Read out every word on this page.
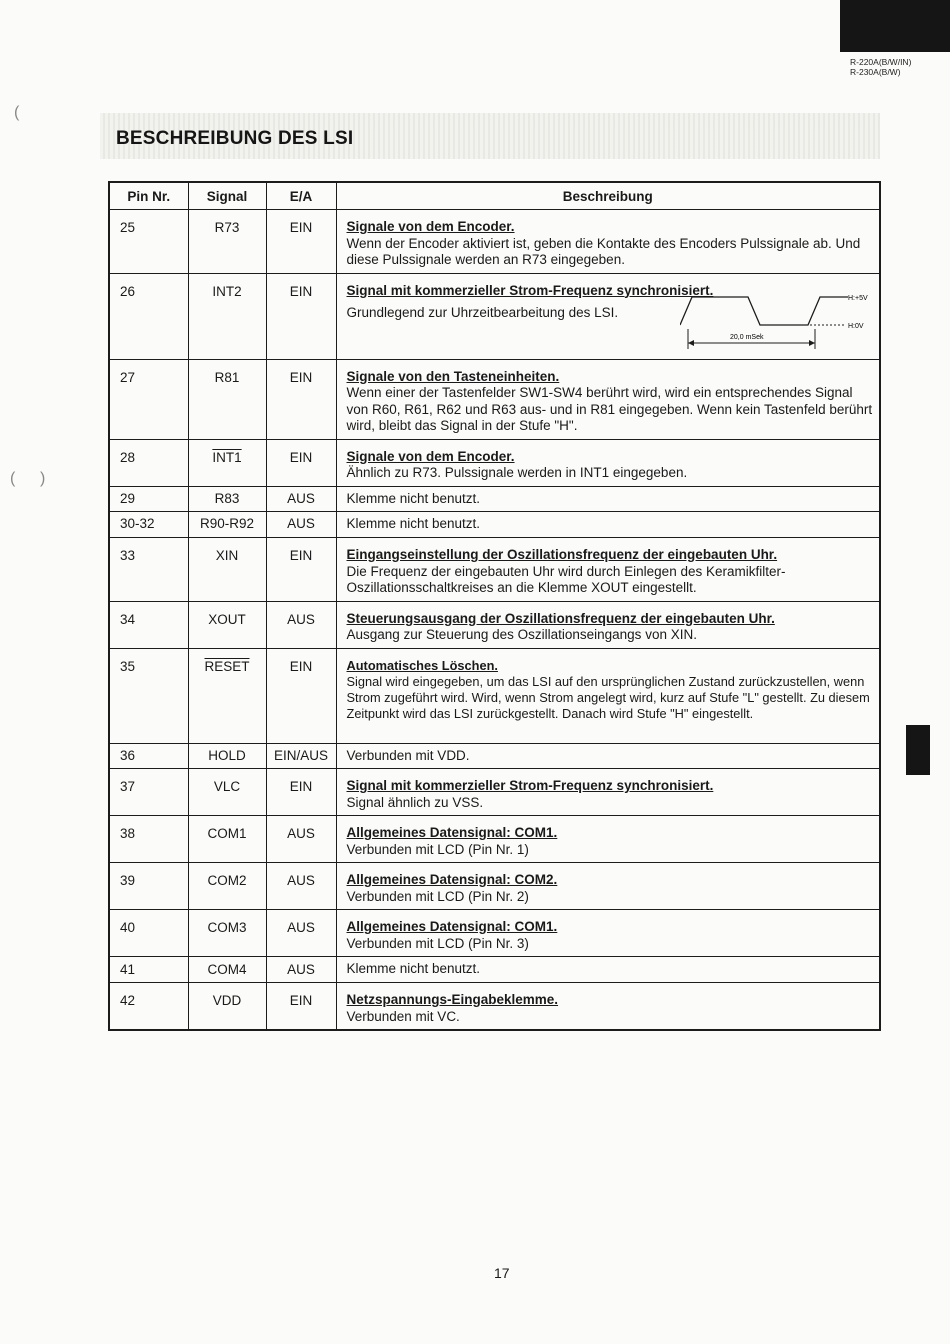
R-220A(B/W/IN)
R-230A(B/W)
BESCHREIBUNG DES LSI
(
( )
Pin Nr.	Signal	E/A	Beschreibung
25	R73	EIN	Signale von dem Encoder.
Wenn der Encoder aktiviert ist, geben die Kontakte des Encoders Pulssignale ab. Und diese Pulssignale werden an R73 eingegeben.
26	INT2	EIN	Signal mit kommerzieller Strom-Frequenz synchronisiert.
Grundlegend zur Uhrzeitbearbeitung des LSI.

27	R81	EIN	Signale von den Tasteneinheiten.
Wenn einer der Tastenfelder SW1-SW4 berührt wird, wird ein entsprechendes Signal von R60, R61, R62 und R63 aus- und in R81 eingegeben. Wenn kein Tastenfeld berührt wird, bleibt das Signal in der Stufe "H".
28	INT1	EIN	Signale von dem Encoder.
Ähnlich zu R73. Pulssignale werden in INT1 eingegeben.
29	R83	AUS	Klemme nicht benutzt.
30-32	R90-R92	AUS	Klemme nicht benutzt.
33	XIN	EIN	Eingangseinstellung der Oszillationsfrequenz der eingebauten Uhr.
Die Frequenz der eingebauten Uhr wird durch Einlegen des Keramikfilter-Oszillationsschaltkreises an die Klemme XOUT eingestellt.
34	XOUT	AUS	Steuerungsausgang der Oszillationsfrequenz der eingebauten Uhr.
Ausgang zur Steuerung des Oszillationseingangs von XIN.
35	RESET	EIN	Automatisches Löschen.
Signal wird eingegeben, um das LSI auf den ursprünglichen Zustand zurückzustellen, wenn Strom zugeführt wird. Wird, wenn Strom angelegt wird, kurz auf Stufe "L" gestellt. Zu diesem Zeitpunkt wird das LSI zurückgestellt. Danach wird Stufe "H" eingestellt.
36	HOLD	EIN/AUS	Verbunden mit VDD.
37	VLC	EIN	Signal mit kommerzieller Strom-Frequenz synchronisiert.
Signal ähnlich zu VSS.
38	COM1	AUS	Allgemeines Datensignal: COM1.
Verbunden mit LCD (Pin Nr. 1)
39	COM2	AUS	Allgemeines Datensignal: COM2.
Verbunden mit LCD (Pin Nr. 2)
40	COM3	AUS	Allgemeines Datensignal: COM1.
Verbunden mit LCD (Pin Nr. 3)
41	COM4	AUS	Klemme nicht benutzt.
42	VDD	EIN	Netzspannungs-Eingabeklemme.
Verbunden mit VC.
H:+5V
H:0V
20,0 mSek
17
